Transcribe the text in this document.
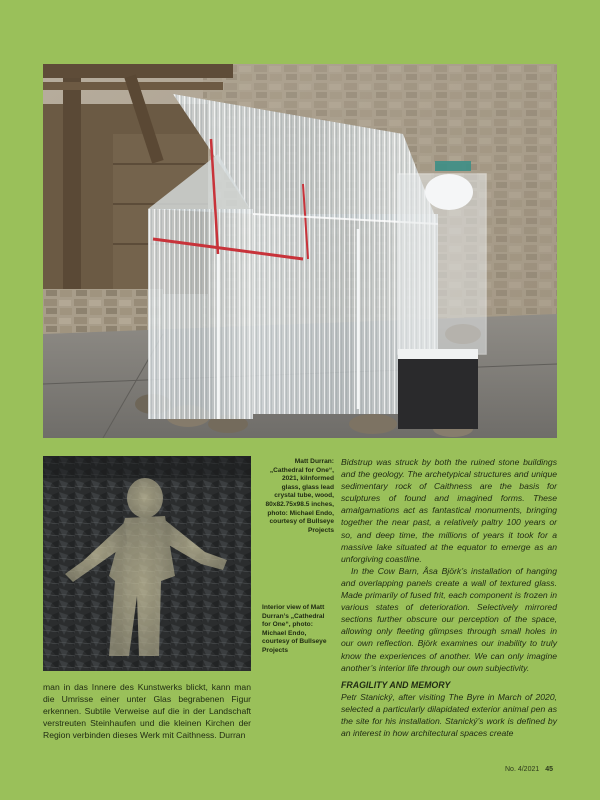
Matt Durran: „Cathedral for One“, 2021, kilnformed glass, glass lead crystal tube, wood, 80x82.75x98.5 inches, photo: Michael Endo, courtesy of Bullseye Projects

Interior view of Matt Durran’s „Cathedral for One“, photo: Michael Endo, courtesy of Bullseye Projects

man in das Innere des Kunstwerks blickt, kann man die Umrisse einer unter Glas begrabenen Figur erkennen. Subtile Verweise auf die in der Landschaft verstreuten Steinhaufen und die kleinen Kirchen der Region verbinden dieses Werk mit Caithness. Durran

Bidstrup was struck by both the ruined stone buildings and the geology. The archetypical structures and unique sedimentary rock of Caithness are the basis for sculptures of found and imagined forms. These amalgamations act as fantastical monuments, bringing together the near past, a relatively paltry 100 years or so, and deep time, the millions of years it took for a massive lake situated at the equator to emerge as an unforgiving coastline.

In the Cow Barn, Åsa Björk’s installation of hanging and overlapping panels create a wall of textured glass. Made primarily of fused frit, each component is frozen in various states of deterioration. Selectively mirrored sections further obscure our perception of the space, allowing only fleeting glimpses through small holes in our own reflection. Björk examines our inability to truly know the experiences of another. We can only imagine another’s interior life through our own subjectivity.

FRAGILITY AND MEMORY

Petr Stanický, after visiting The Byre in March of 2020, selected a particularly dilapidated exterior animal pen as the site for his installation. Stanický’s work is defined by an interest in how architectural spaces create

No. 4/2021 45
